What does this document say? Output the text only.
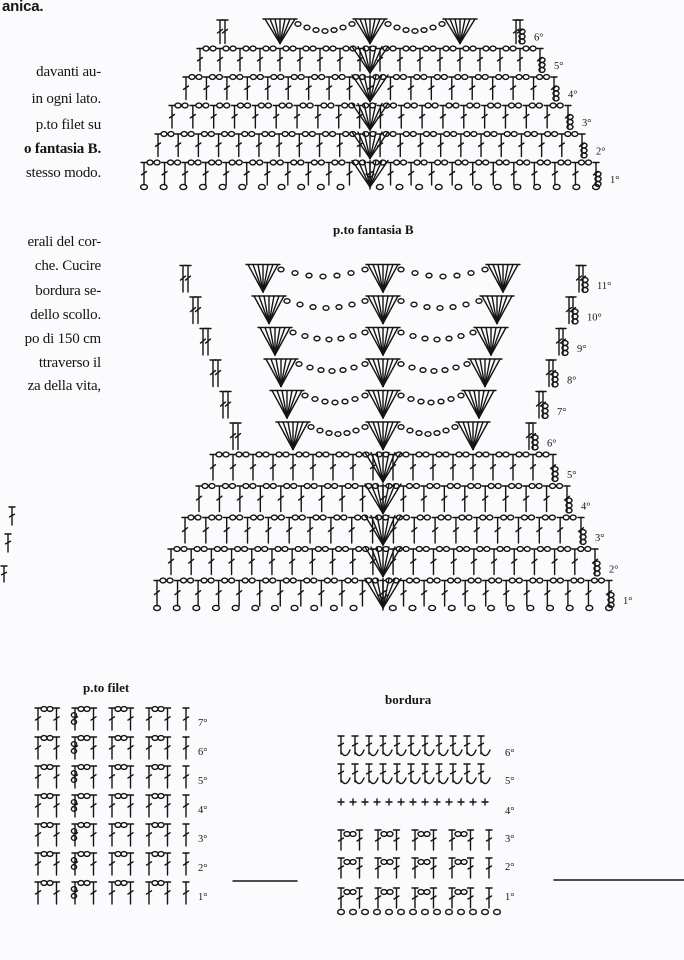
anica.
davanti au-
in ogni lato.
p.to filet su
o fantasia B.
stesso modo.
erali del cor-
che. Cucire
bordura se-
dello scollo.
po di 150 cm
ttraverso il
za della vita,
p.to fantasia B
p.to filet
bordura
1°
2°
3°
4°
5°
6°
1°
2°
3°
4°
5°
6°
7°
8°
9°
10°
11°
7°
6°
5°
4°
3°
2°
1°
6°
5°
4°
3°
2°
1°
